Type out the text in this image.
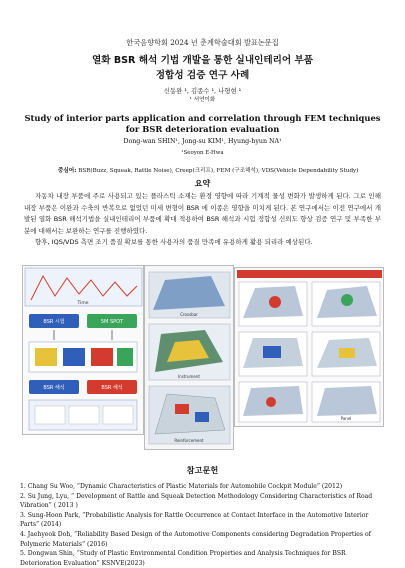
한국음향학회 2024 년 춘계학술대회 발표논문집
열화 BSR 해석 기법 개발을 통한 실내인테리어 부품
정합성 검증 연구 사례
신동완 ¹, 김종수 ¹, 나형현 ¹
¹ 서연이화
Study of interior parts application and correlation through FEM techniques
for BSR deterioration evaluation
Dong-wan SHIN¹, Jong-su KIM¹, Hyung-hyun NA¹
¹Seoyon E-Hwa
중심어: BSR(Buzz, Squeak, Rattle Noise), Creep(크리프), FEM (구조해석), VDS(Vehicle Dependability Study)
요약

자동차 내장 부품에 주로 사용되고 있는 플라스틱 소재는 환경 영향에 따라 기계적 물성 변화가 발생하게 된다. 그로 인해 내장 부품은 이완과 수축의 반복으로 없었던 미세 변형이 BSR 에 이종은 영향을 미치게 된다. 본 연구에서는 이전 연구에서 개발된 열화 BSR 해석기법을 실내인테리어 부품에 확대 적용하여 BSR 해석과 시험 정합성 신뢰도 향상 검증 연구 및 부족한 부분에 대해서는 보완하는 연구를 진행하였다.

향후, IQS/VDS 측면 조기 품질 확보를 통한 사용자의 품질 만족에 유용하게 활용 되리라 예상된다.

Time
BSR 시험	5M SPOT
BSR 해석	BSR 해석
Crossbar
Instrument
Reinforcement
Panel
참고문헌

1. Chang Su Woo, “Dynamic Characteristics of Plastic Materials for Automobile Cockpit Module” (2012)

2. Su Jung, Lyu, ” Development of Rattle and Squeak Detection Methodology Considering Characteristics of Road Vibration” ( 2013 )

3. Sung-Hoon Park, “Probabilistic Analysis for Rattle Occurrence at Contact Interface in the Automotive Interior Parts” (2014)

4. Jaehyeok Doh, “Reliability Based Design of the Automotive Components considering Degradation Properties of Polymeric Materials” (2016)

5. Dongwan Shin, “Study of Plastic Environmental Condition Properties and Analysis Techniques for BSR Deterioration Evaluation” KSNVE(2023)
